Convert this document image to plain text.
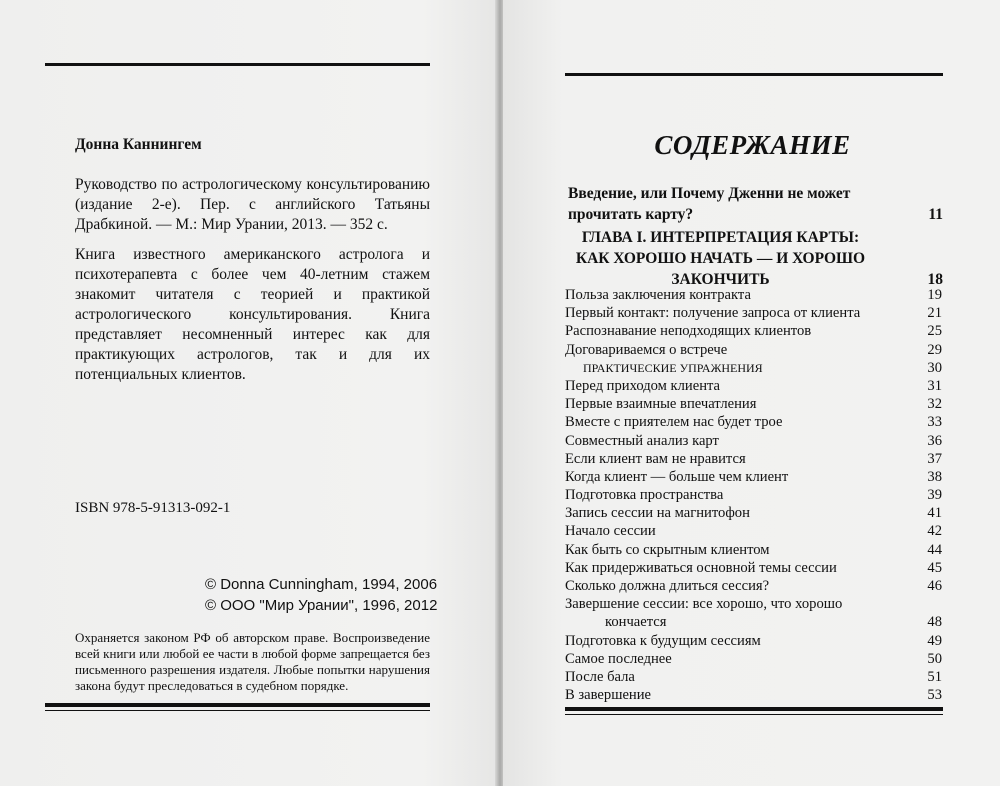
Донна Каннингем
Руководство по астрологическому консультированию (издание 2-е). Пер. с английского Татьяны Драбкиной. — М.: Мир Урании, 2013. — 352 с.
Книга известного американского астролога и психотерапевта с более чем 40-летним стажем знакомит читателя с теорией и практикой астрологического консультирования. Книга представляет несомненный интерес как для практикующих астрологов, так и для их потенциальных клиентов.
ISBN 978-5-91313-092-1
© Donna Cunningham, 1994, 2006
© ООО "Мир Урании", 1996, 2012
Охраняется законом РФ об авторском праве. Воспроизведение всей книги или любой ее части в любой форме запрещается без письменного разрешения издателя. Любые попытки нарушения закона будут преследоваться в судебном порядке.
СОДЕРЖАНИЕ
Введение, или Почему Дженни не может прочитать карту?	11
ГЛАВА I. ИНТЕРПРЕТАЦИЯ КАРТЫ: КАК ХОРОШО НАЧАТЬ — И ХОРОШО ЗАКОНЧИТЬ	18
Польза заключения контракта	19
Первый контакт: получение запроса от клиента	21
Распознавание неподходящих клиентов	25
Договариваемся о встрече	29
ПРАКТИЧЕСКИЕ УПРАЖНЕНИЯ	30
Перед приходом клиента	31
Первые взаимные впечатления	32
Вместе с приятелем нас будет трое	33
Совместный анализ карт	36
Если клиент вам не нравится	37
Когда клиент — больше чем клиент	38
Подготовка пространства	39
Запись сессии на магнитофон	41
Начало сессии	42
Как быть со скрытным клиентом	44
Как придерживаться основной темы сессии	45
Сколько должна длиться сессия?	46
Завершение сессии: все хорошо, что хорошо
кончается	48
Подготовка к будущим сессиям	49
Самое последнее	50
После бала	51
В завершение	53
